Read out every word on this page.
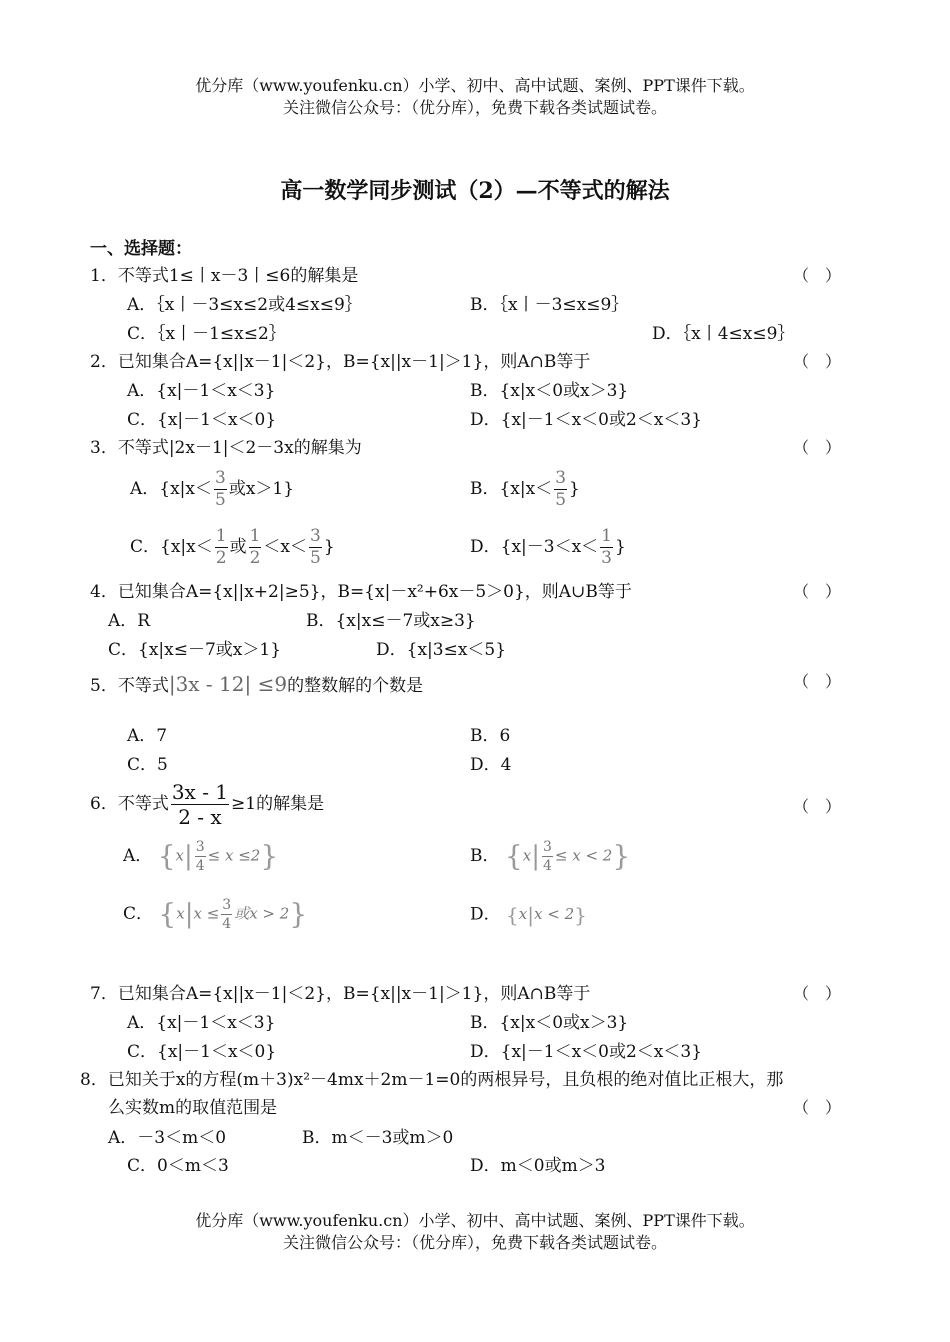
优分库（www.youfenku.cn）小学、初中、高中试题、案例、PPT课件下载。
关注微信公众号：（优分库），免费下载各类试题试卷。
高一数学同步测试（2）—不等式的解法
一、选择题：
1．不等式1≤丨x－3丨≤6的解集是	（　）
A．｛x丨－3≤x≤2或4≤x≤9｝	B．｛x丨－3≤x≤9｝
C．｛x丨－1≤x≤2｝	D．｛x丨4≤x≤9｝
2．已知集合A={x||x－1|＜2}，B={x||x－1|＞1}，则A∩B等于	（　）
A．{x|－1＜x＜3}	B．{x|x＜0或x＞3}
C．{x|－1＜x＜0}	D．{x|－1＜x＜0或2＜x＜3}
3．不等式|2x－1|＜2－3x的解集为	（　）
A．{$x|x< \frac{3}{5}$ 或x＞1}	B．{$x|x< \frac{3}{5}$ }
C．{$x|x< \frac{1}{2}$ 或 $\frac{1}{2} <x< \frac{3}{5}$ }	D．{$x|-3<x< \frac{1}{3}$ }
4．已知集合A={x||x+2|≥5}，B={x|－x²+6x－5＞0}，则A∪B等于	（　）
A．R	B．{x|x≤－7或x≥3}
C．{x|x≤－7或x＞1}	D．{x|3≤x＜5}
5．不等式|3x - 12| ≤9的整数解的个数是	（　）
A．7	B．6
C．5	D．4
6．不等式 $\frac{3x - 1}{2 - x} \ge 1$的解集是	（　）
A． $\{x| \frac{3}{4} \le x \le 2\}$	B． $\{x| \frac{3}{4} \le x < 2\}$
C． {$x|x \le \frac{3}{4}$ 或x > 2}	D． {x|x < 2}
7．已知集合A={x||x－1|＜2}，B={x||x－1|＞1}，则A∩B等于	（　）
A．{x|－1＜x＜3}	B．{x|x＜0或x＞3}
C．{x|－1＜x＜0}	D．{x|－1＜x＜0或2＜x＜3}
8．已知关于x的方程(m＋3)x²－4mx＋2m－1=0的两根异号，且负根的绝对值比正根大，那
么实数m的取值范围是	（　）
A．－3＜m＜0	B．m＜－3或m＞0
C．0＜m＜3	D．m＜0或m＞3
优分库（www.youfenku.cn）小学、初中、高中试题、案例、PPT课件下载。
关注微信公众号：（优分库），免费下载各类试题试卷。
